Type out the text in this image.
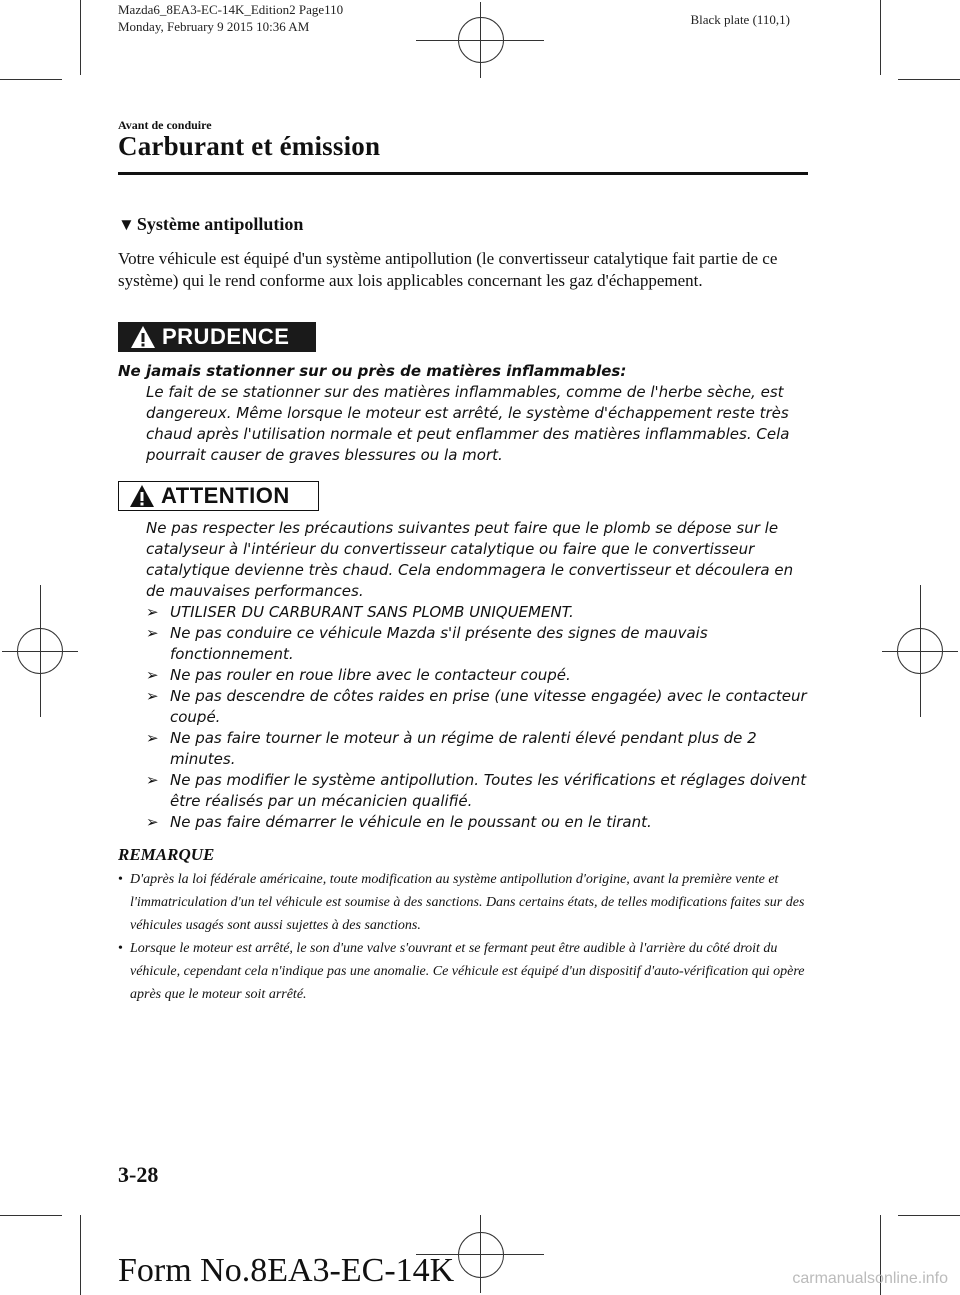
Mazda6_8EA3-EC-14K_Edition2 Page110
Monday, February 9 2015 10:36 AM	Black plate (110,1)
Avant de conduire
Carburant et émission
▼ Système antipollution
Votre véhicule est équipé d'un système antipollution (le convertisseur catalytique fait partie de ce système) qui le rend conforme aux lois applicables concernant les gaz d'échappement.
PRUDENCE
Ne jamais stationner sur ou près de matières inflammables:
Le fait de se stationner sur des matières inflammables, comme de l'herbe sèche, est dangereux. Même lorsque le moteur est arrêté, le système d'échappement reste très chaud après l'utilisation normale et peut enflammer des matières inflammables. Cela pourrait causer de graves blessures ou la mort.
ATTENTION
Ne pas respecter les précautions suivantes peut faire que le plomb se dépose sur le catalyseur à l'intérieur du convertisseur catalytique ou faire que le convertisseur catalytique devienne très chaud. Cela endommagera le convertisseur et découlera en de mauvaises performances.
➢ UTILISER DU CARBURANT SANS PLOMB UNIQUEMENT.
➢ Ne pas conduire ce véhicule Mazda s'il présente des signes de mauvais fonctionnement.
➢ Ne pas rouler en roue libre avec le contacteur coupé.
➢ Ne pas descendre de côtes raides en prise (une vitesse engagée) avec le contacteur coupé.
➢ Ne pas faire tourner le moteur à un régime de ralenti élevé pendant plus de 2 minutes.
➢ Ne pas modifier le système antipollution. Toutes les vérifications et réglages doivent être réalisés par un mécanicien qualifié.
➢ Ne pas faire démarrer le véhicule en le poussant ou en le tirant.
REMARQUE
• D'après la loi fédérale américaine, toute modification au système antipollution d'origine, avant la première vente et l'immatriculation d'un tel véhicule est soumise à des sanctions. Dans certains états, de telles modifications faites sur des véhicules usagés sont aussi sujettes à des sanctions.
• Lorsque le moteur est arrêté, le son d'une valve s'ouvrant et se fermant peut être audible à l'arrière du côté droit du véhicule, cependant cela n'indique pas une anomalie. Ce véhicule est équipé d'un dispositif d'auto-vérification qui opère après que le moteur soit arrêté.
3-28
Form No.8EA3-EC-14K	carmanualsonline.info
